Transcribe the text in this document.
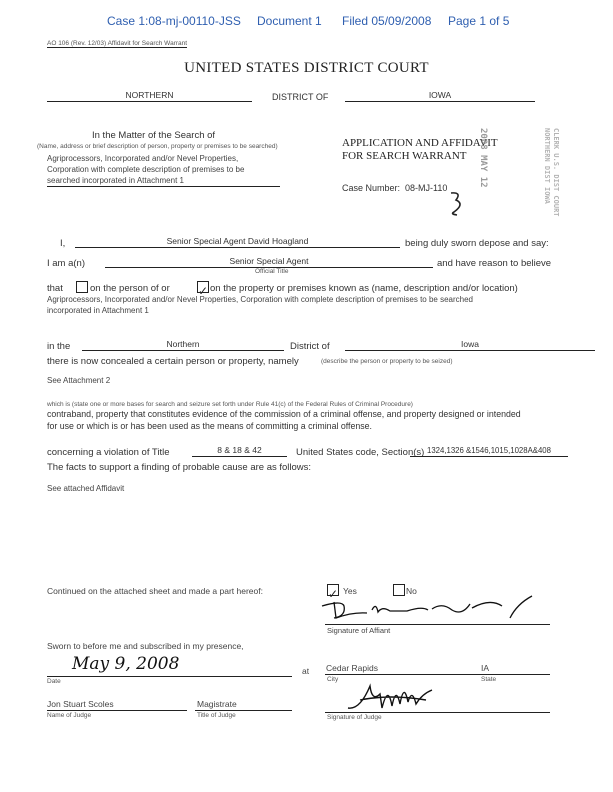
Case 1:08-mj-00110-JSS Document 1 Filed 05/09/2008 Page 1 of 5
AO 106 (Rev. 12/03) Affidavit for Search Warrant
UNITED STATES DISTRICT COURT
NORTHERN	DISTRICT OF	IOWA
In the Matter of the Search of
(Name, address or brief description of person, property or premises to be searched)
Agriprocessors, Incorporated and/or Nevel Properties,
Corporation with complete description of premises to be
searched incorporated in Attachment 1
APPLICATION AND AFFIDAVIT
FOR SEARCH WARRANT
Case Number: 08-MJ-110
2008 MAY 12	CLERK U.S. DIST COURT
NORTHERN DIST IOWA
I,	Senior Special Agent David Hoagland	being duly sworn depose and say:
I am a(n)	Senior Special Agent
Official Title
and have reason to believe
that	on the person of or ✓ on the property or premises known as (name, description and/or location)
Agriprocessors, Incorporated and/or Nevel Properties, Corporation with complete description of premises to be searched
incorporated in Attachment 1
in the	Northern	District of	Iowa
there is now concealed a certain person or property, namely	(describe the person or property to be seized)
See Attachment 2
which is (state one or more bases for search and seizure set forth under Rule 41(c) of the Federal Rules of Criminal Procedure)
contraband, property that constitutes evidence of the commission of a criminal offense, and property designed or intended
for use or which is or has been used as the means of committing a criminal offense.
concerning a violation of Title	8 & 18 & 42	United States code, Section(s) 1324,1326 &1546,1015,1028A&408
The facts to support a finding of probable cause are as follows:
See attached Affidavit
Continued on the attached sheet and made a part hereof:	✓ Yes	No
Signature of Affiant
Sworn to before me and subscribed in my presence,
May 9, 2008
Date
at Cedar Rapids	IA
City	State
Jon Stuart Scoles	Magistrate
Name of Judge	Title of Judge	Signature of Judge
